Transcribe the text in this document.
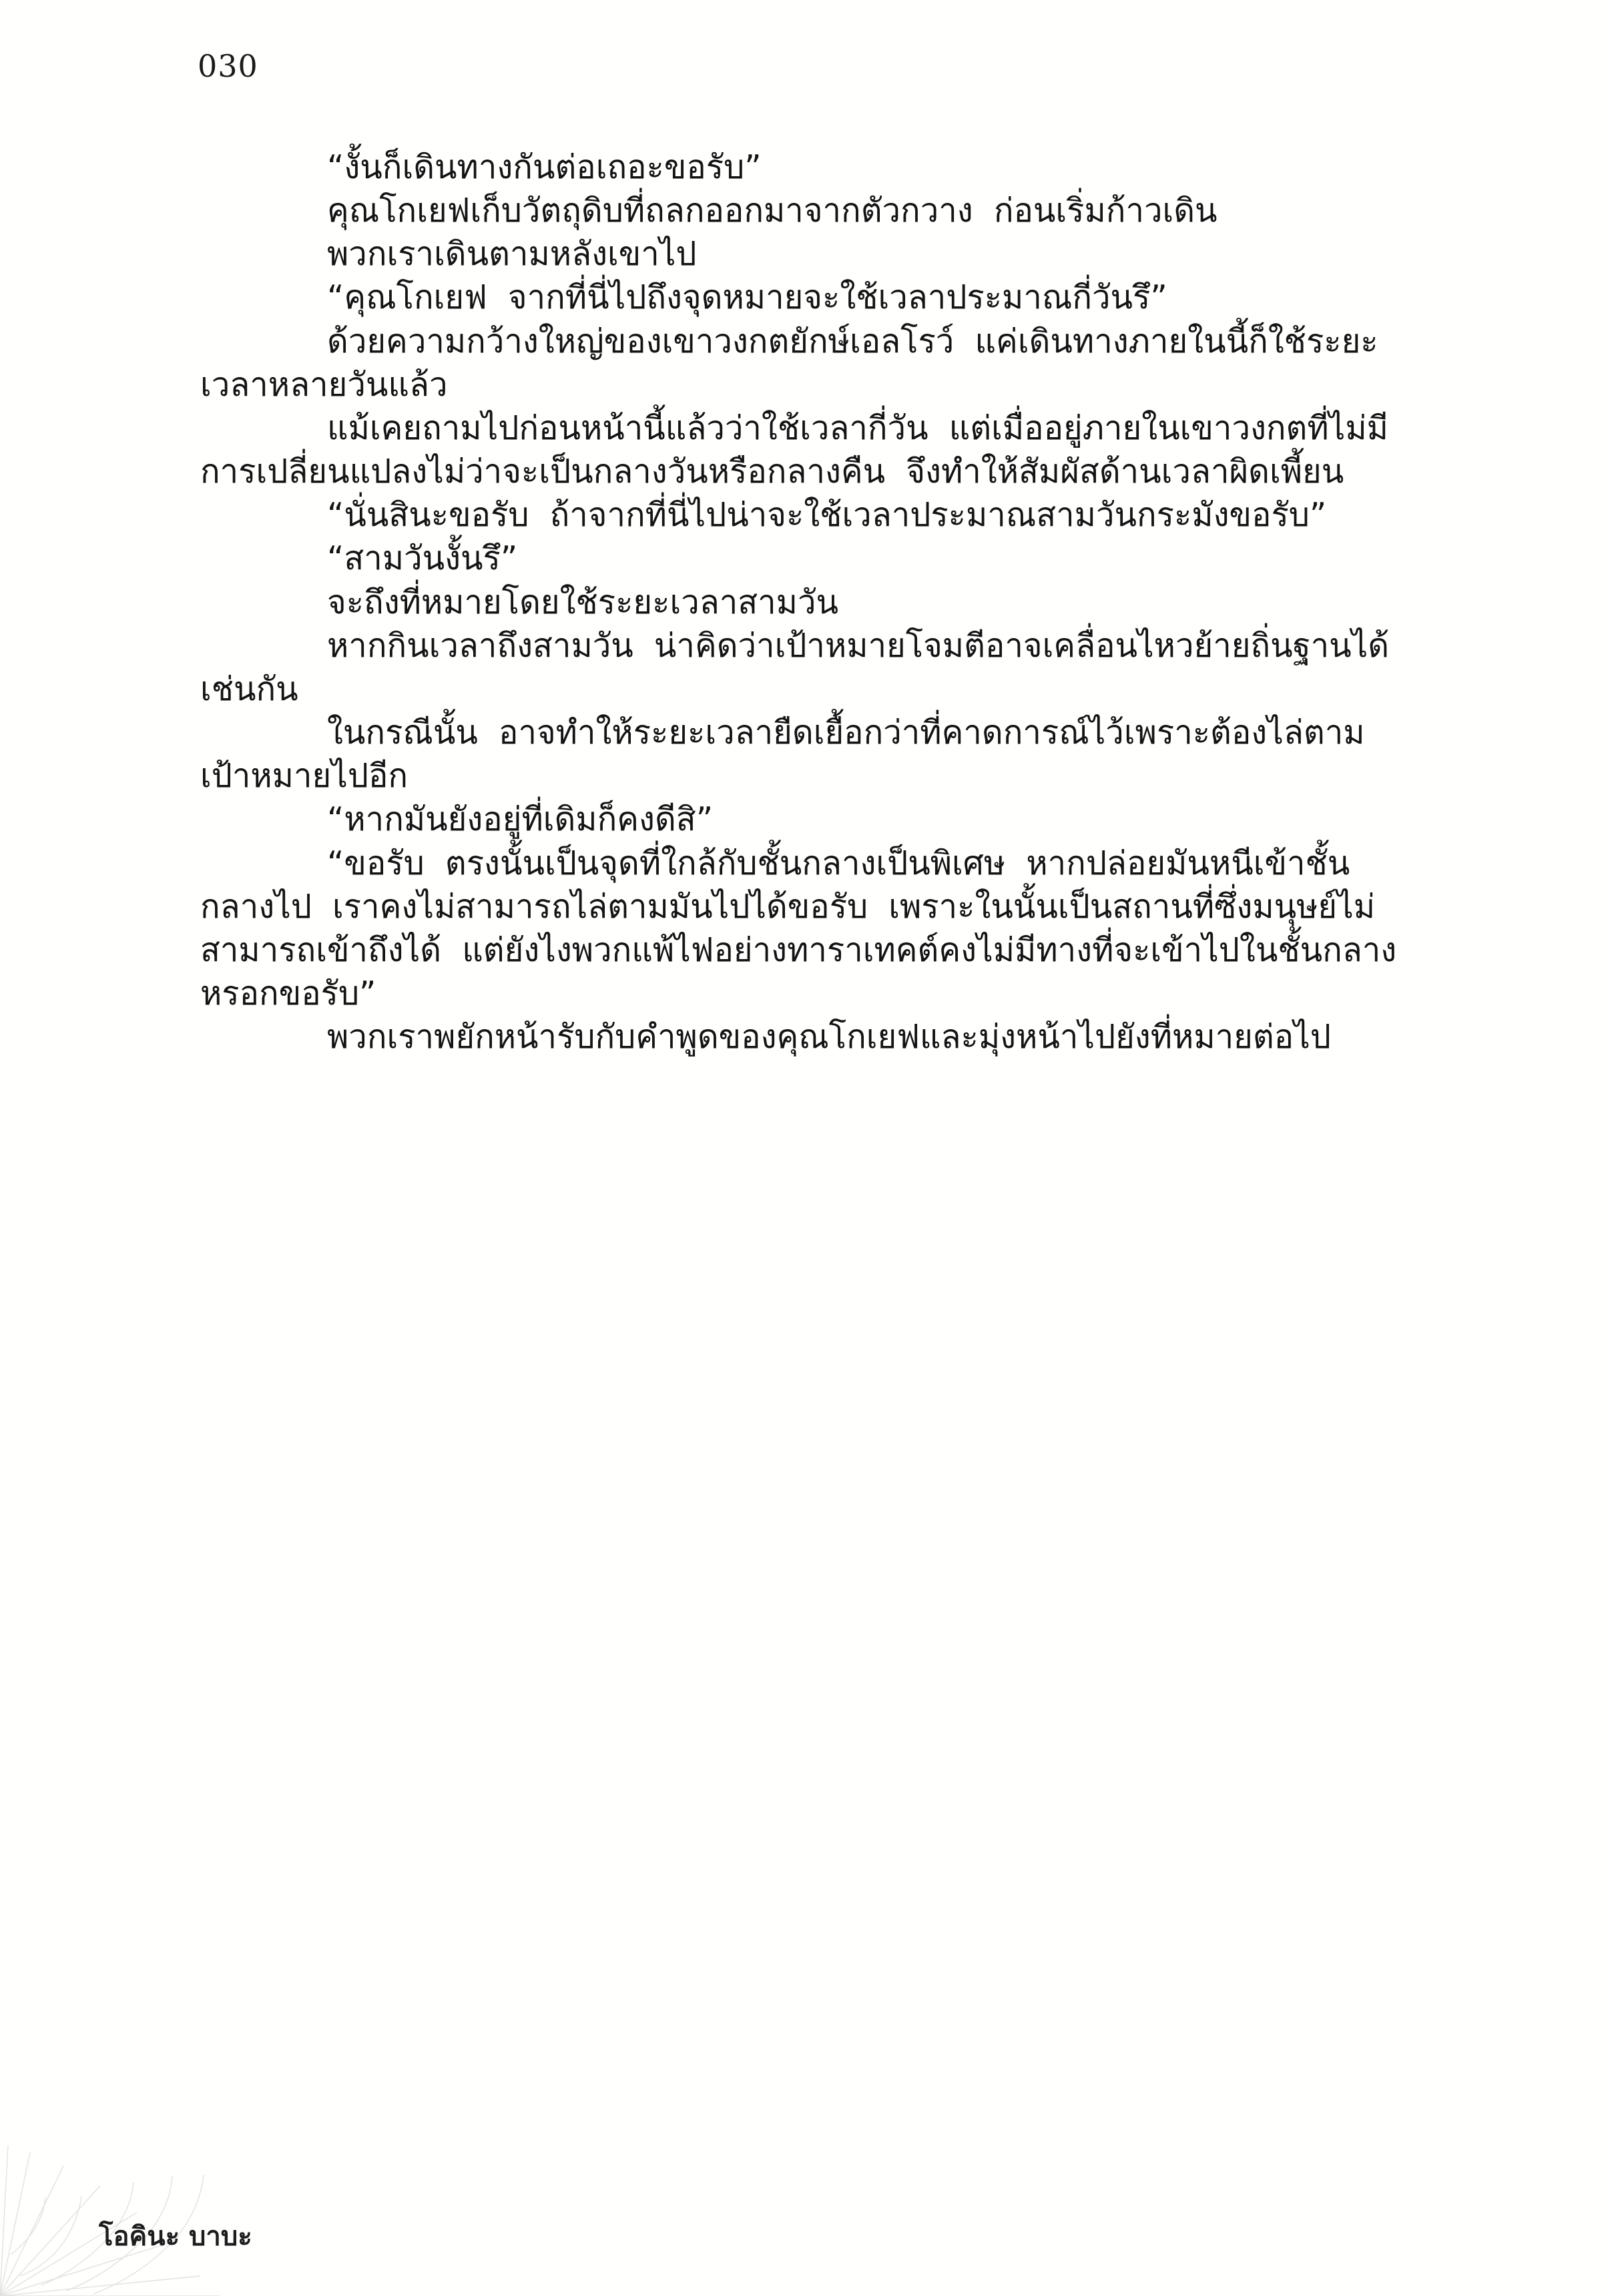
030

“งั้นก็เดินทางกันต่อเถอะขอรับ”

คุณโกเยฟเก็บวัตถุดิบที่ถลกออกมาจากตัวกวาง  ก่อนเริ่มก้าวเดิน

พวกเราเดินตามหลังเขาไป

“คุณโกเยฟ  จากที่นี่ไปถึงจุดหมายจะใช้เวลาประมาณกี่วันรึ”

ด้วยความกว้างใหญ่ของเขาวงกตยักษ์เอลโรว์  แค่เดินทางภายในนี้ก็ใช้ระยะเวลาหลายวันแล้ว

แม้เคยถามไปก่อนหน้านี้แล้วว่าใช้เวลากี่วัน  แต่เมื่ออยู่ภายในเขาวงกตที่ไม่มีการเปลี่ยนแปลงไม่ว่าจะเป็นกลางวันหรือกลางคืน  จึงทำให้สัมผัสด้านเวลาผิดเพี้ยน

“นั่นสินะขอรับ  ถ้าจากที่นี่ไปน่าจะใช้เวลาประมาณสามวันกระมังขอรับ”

“สามวันงั้นรึ”

จะถึงที่หมายโดยใช้ระยะเวลาสามวัน

หากกินเวลาถึงสามวัน  น่าคิดว่าเป้าหมายโจมตีอาจเคลื่อนไหวย้ายถิ่นฐานได้เช่นกัน

ในกรณีนั้น  อาจทำให้ระยะเวลายืดเยื้อกว่าที่คาดการณ์ไว้เพราะต้องไล่ตามเป้าหมายไปอีก

“หากมันยังอยู่ที่เดิมก็คงดีสิ”

“ขอรับ  ตรงนั้นเป็นจุดที่ใกล้กับชั้นกลางเป็นพิเศษ  หากปล่อยมันหนีเข้าชั้นกลางไป  เราคงไม่สามารถไล่ตามมันไปได้ขอรับ  เพราะในนั้นเป็นสถานที่ซึ่งมนุษย์ไม่สามารถเข้าถึงได้  แต่ยังไงพวกแพ้ไฟอย่างทาราเทคต์คงไม่มีทางที่จะเข้าไปในชั้นกลางหรอกขอรับ”

พวกเราพยักหน้ารับกับคำพูดของคุณโกเยฟและมุ่งหน้าไปยังที่หมายต่อไป

โอคินะ บาบะ
